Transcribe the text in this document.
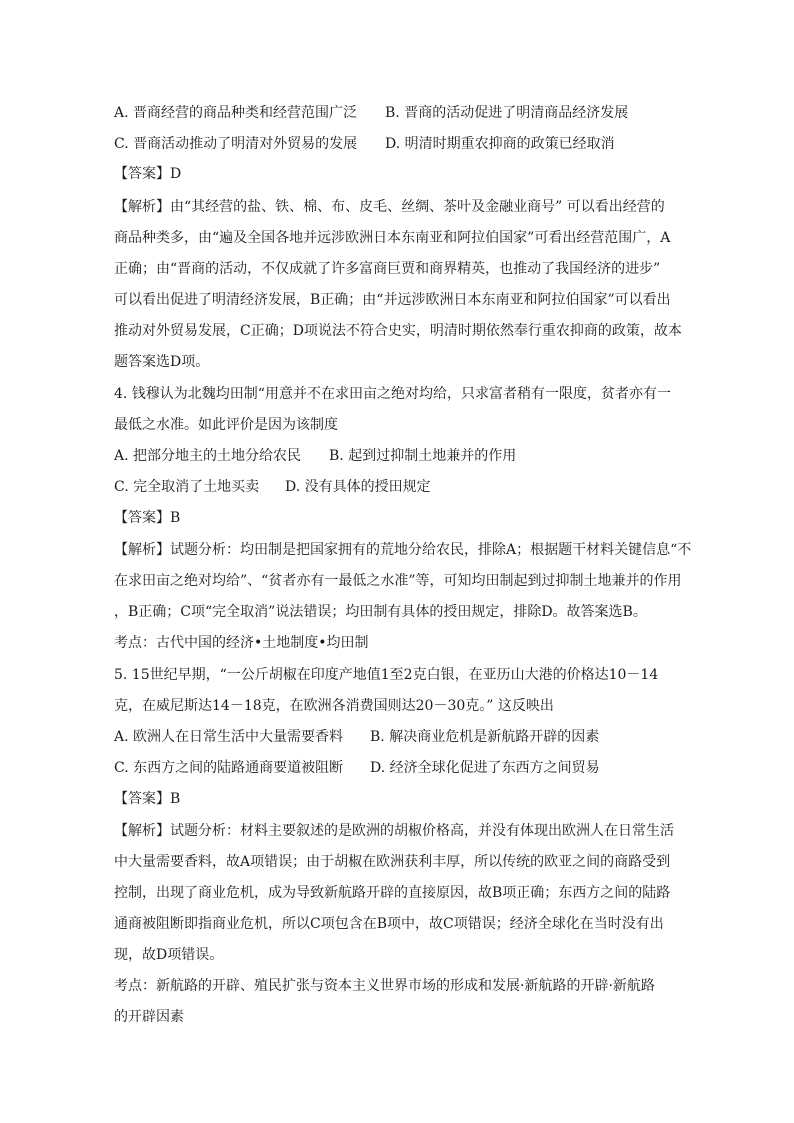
A. 晋商经营的商品种类和经营范围广泛 B. 晋商的活动促进了明清商品经济发展
C. 晋商活动推动了明清对外贸易的发展 D. 明清时期重农抑商的政策已经取消
【答案】D
【解析】由“其经营的盐、铁、棉、布、皮毛、丝绸、茶叶及金融业商号” 可以看出经营的
商品种类多，由“遍及全国各地并远涉欧洲日本东南亚和阿拉伯国家”可看出经营范围广，A
正确；由“晋商的活动，不仅成就了许多富商巨贾和商界精英，也推动了我国经济的进步”
可以看出促进了明清经济发展，B正确；由“并远涉欧洲日本东南亚和阿拉伯国家”可以看出
推动对外贸易发展，C正确；D项说法不符合史实，明清时期依然奉行重农抑商的政策，故本
题答案选D项。
4. 钱穆认为北魏均田制“用意并不在求田亩之绝对均给，只求富者稍有一限度，贫者亦有一
最低之水准。如此评价是因为该制度
A. 把部分地主的土地分给农民 B. 起到过抑制土地兼并的作用
C. 完全取消了土地买卖 D. 没有具体的授田规定
【答案】B
【解析】试题分析：均田制是把国家拥有的荒地分给农民，排除A；根据题干材料关键信息“不
在求田亩之绝对均给”、“贫者亦有一最低之水准”等，可知均田制起到过抑制土地兼并的作用
，B正确；C项“完全取消”说法错误；均田制有具体的授田规定，排除D。故答案选B。
考点：古代中国的经济•土地制度•均田制
5. 15世纪早期，“一公斤胡椒在印度产地值1至2克白银，在亚历山大港的价格达10－14
克，在威尼斯达14－18克，在欧洲各消费国则达20－30克。” 这反映出
A. 欧洲人在日常生活中大量需要香料 B. 解决商业危机是新航路开辟的因素
C. 东西方之间的陆路通商要道被阻断 D. 经济全球化促进了东西方之间贸易
【答案】B
【解析】试题分析：材料主要叙述的是欧洲的胡椒价格高，并没有体现出欧洲人在日常生活
中大量需要香料，故A项错误；由于胡椒在欧洲获利丰厚，所以传统的欧亚之间的商路受到
控制，出现了商业危机，成为导致新航路开辟的直接原因，故B项正确；东西方之间的陆路
通商被阻断即指商业危机，所以C项包含在B项中，故C项错误；经济全球化在当时没有出
现，故D项错误。
考点：新航路的开辟、殖民扩张与资本主义世界市场的形成和发展·新航路的开辟·新航路
的开辟因素
